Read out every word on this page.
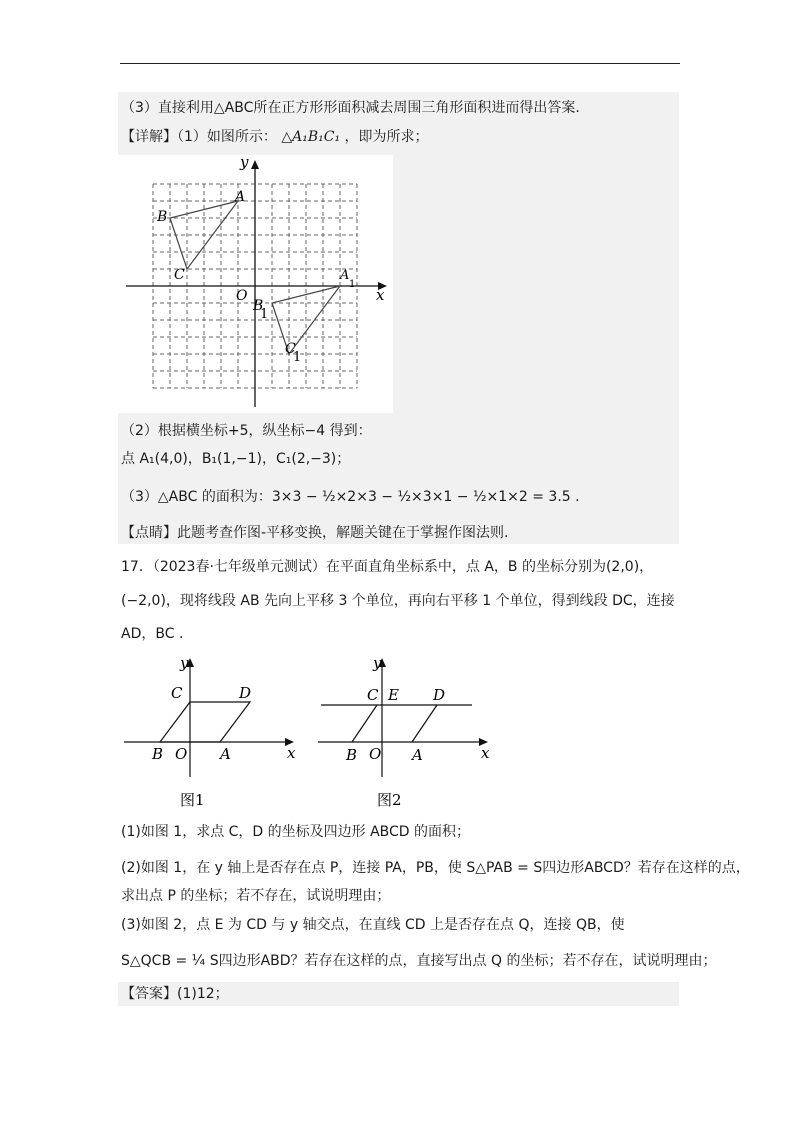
（3）直接利用△ABC所在正方形形面积减去周围三角形面积进而得出答案.
【详解】（1）如图所示： △A₁B₁C₁ ，即为所求；
y
x
O
A
B
C	A
1
B
1
C
1
（2）根据横坐标+5，纵坐标−4 得到：
点 A₁(4,0)，B₁(1,−1)，C₁(2,−3)；
（3）△ABC 的面积为：3×3 − ½×2×3 − ½×3×1 − ½×1×2 = 3.5 .
【点睛】此题考查作图-平移变换，解题关键在于掌握作图法则.
17．（2023春·七年级单元测试）在平面直角坐标系中，点 A，B 的坐标分别为(2,0)，
(−2,0)，现将线段 AB 先向上平移 3 个单位，再向右平移 1 个单位，得到线段 DC，连接
AD，BC .
y
x
O
B	A
C	D
图1
y
x
O
B	A
C E D
图2
(1)如图 1，求点 C，D 的坐标及四边形 ABCD 的面积；
(2)如图 1，在 y 轴上是否存在点 P，连接 PA，PB，使 S△PAB = S四边形ABCD？若存在这样的点，
求出点 P 的坐标；若不存在，试说明理由；
(3)如图 2，点 E 为 CD 与 y 轴交点，在直线 CD 上是否存在点 Q，连接 QB，使
S△QCB = ¼ S四边形ABD？若存在这样的点，直接写出点 Q 的坐标；若不存在，试说明理由；
【答案】(1)12；
